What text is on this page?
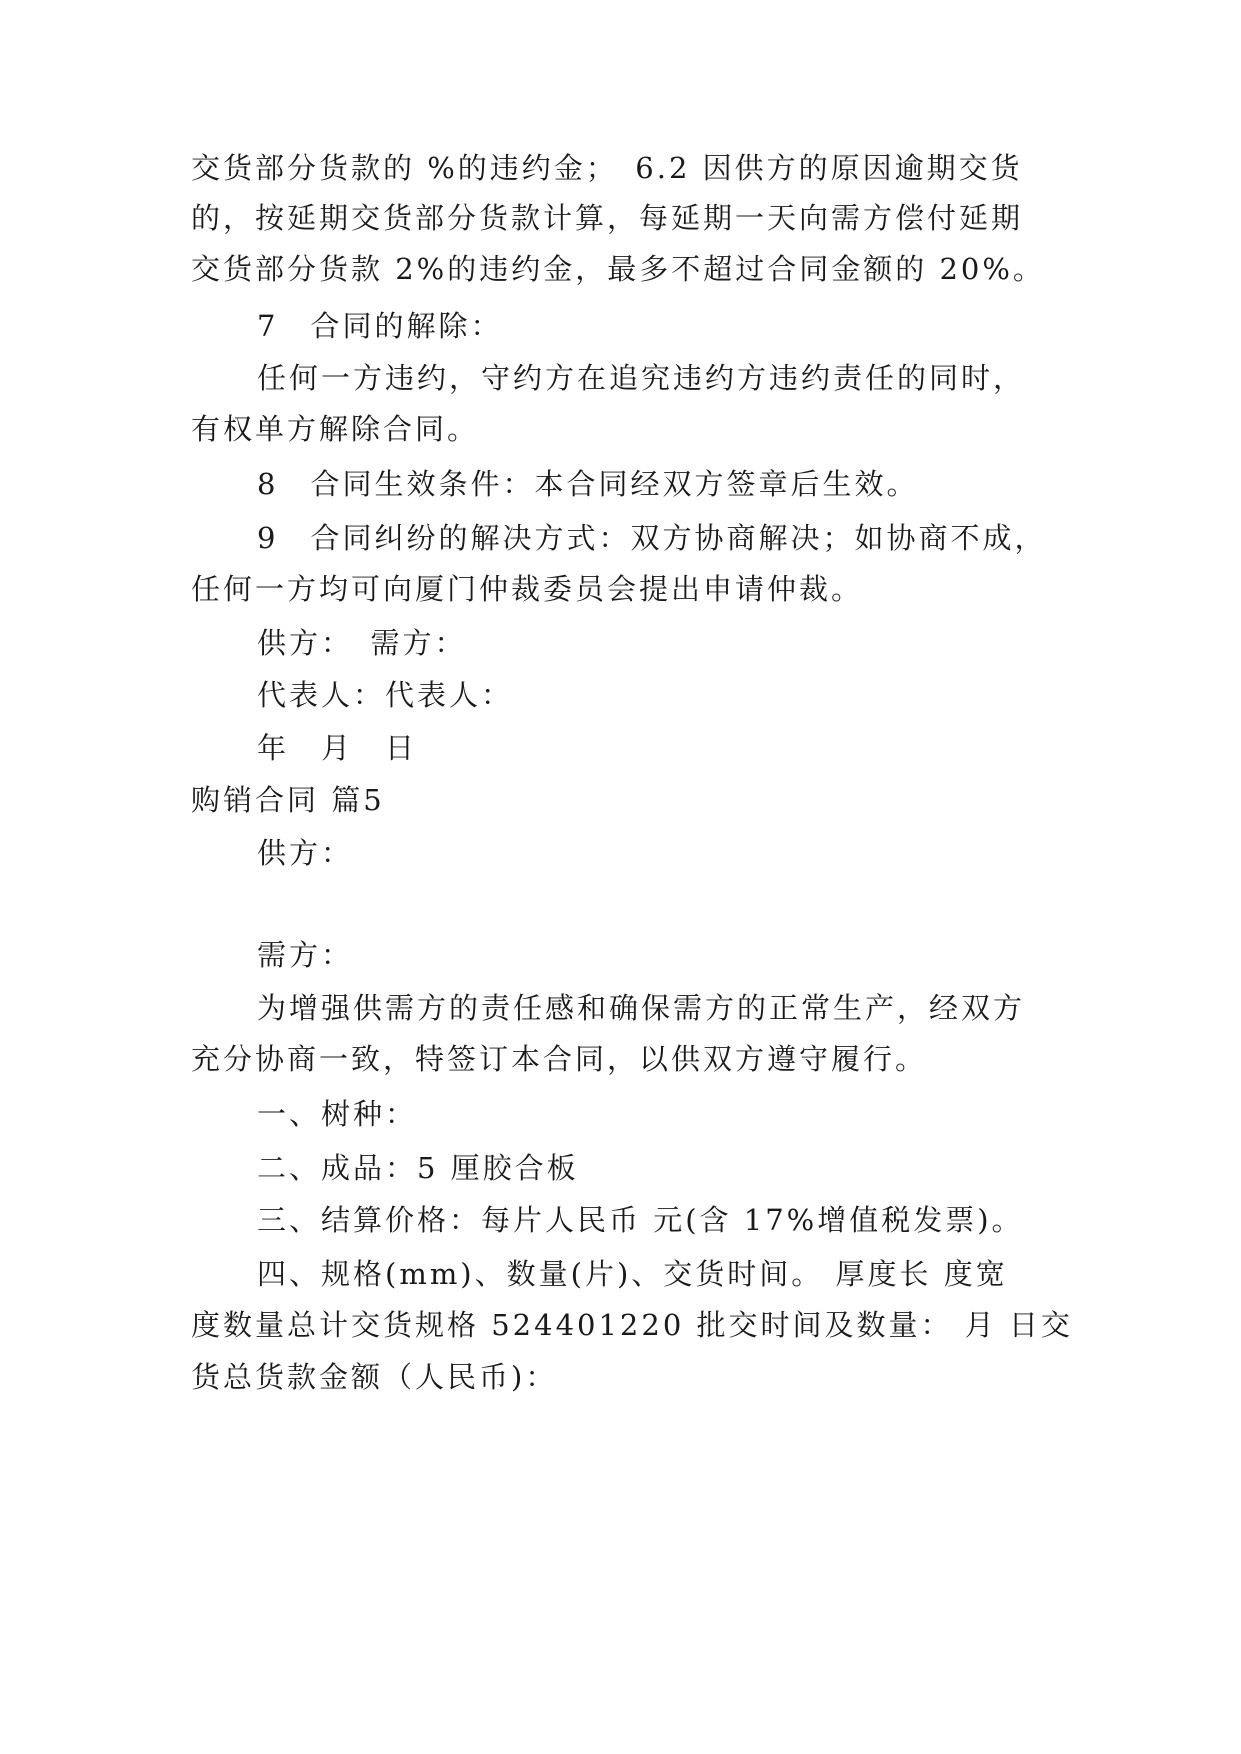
交货部分货款的 %的违约金；　6.2 因供方的原因逾期交货
的，按延期交货部分货款计算，每延期一天向需方偿付延期
交货部分货款 2%的违约金，最多不超过合同金额的 20%。
7　合同的解除：
任何一方违约，守约方在追究违约方违约责任的同时，
有权单方解除合同。
8　合同生效条件：本合同经双方签章后生效。
9　合同纠纷的解决方式：双方协商解决；如协商不成，
任何一方均可向厦门仲裁委员会提出申请仲裁。
供方：　需方：
代表人：代表人：
年　月　日
购销合同 篇5
供方：
需方：
为增强供需方的责任感和确保需方的正常生产，经双方
充分协商一致，特签订本合同，以供双方遵守履行。
一、树种：
二、成品：5 厘胶合板
三、结算价格：每片人民币 元(含 17%增值税发票)。
四、规格(mm)、数量(片)、交货时间。 厚度长 度宽
度数量总计交货规格 524401220 批交时间及数量： 月 日交
货总货款金额（人民币)：
